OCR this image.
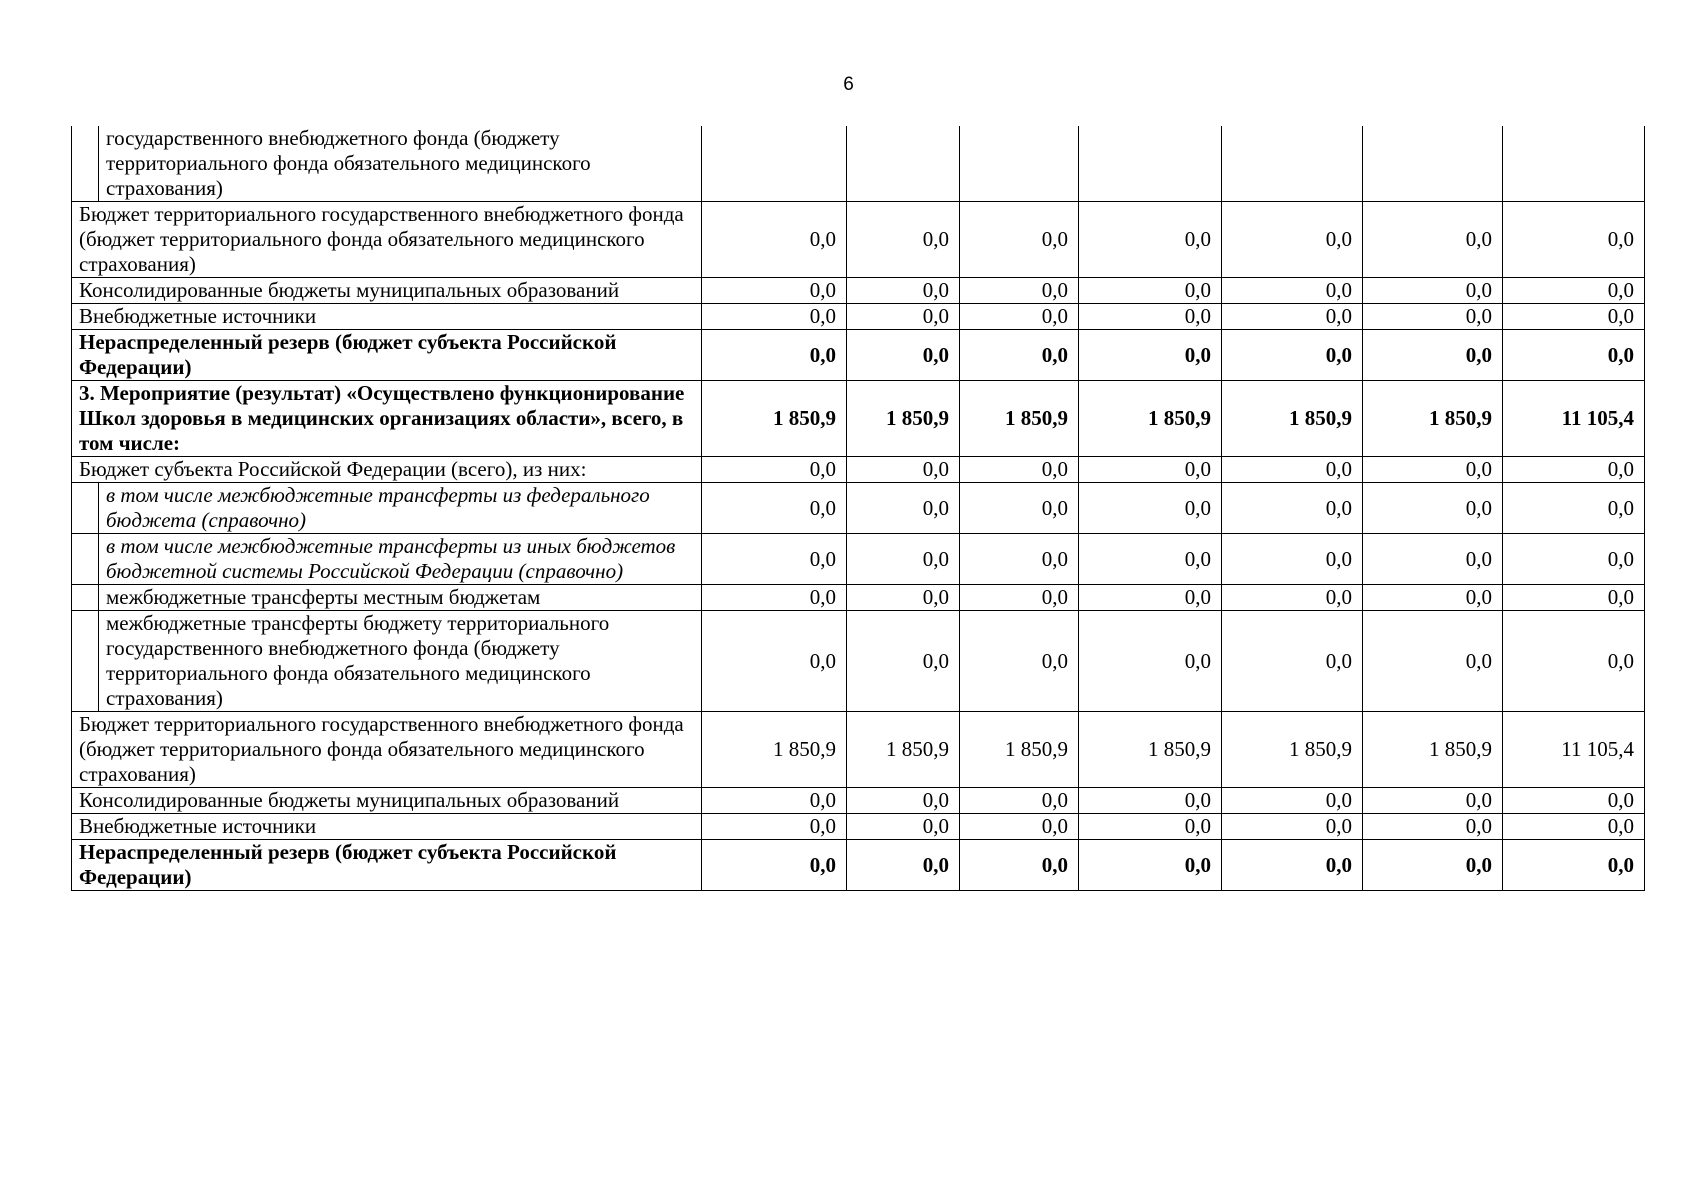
6
	государственного внебюджетного фонда (бюджету территориального фонда обязательного медицинского страхования)							
Бюджет территориального государственного внебюджетного фонда (бюджет территориального фонда обязательного медицинского страхования)		0,0	0,0	0,0	0,0	0,0	0,0	0,0
Консолидированные бюджеты муниципальных образований		0,0	0,0	0,0	0,0	0,0	0,0	0,0
Внебюджетные источники		0,0	0,0	0,0	0,0	0,0	0,0	0,0
Нераспределенный резерв (бюджет субъекта Российской Федерации)		0,0	0,0	0,0	0,0	0,0	0,0	0,0
3. Мероприятие (результат) «Осуществлено функционирование Школ здоровья в медицинских организациях области», всего, в том числе:		1 850,9	1 850,9	1 850,9	1 850,9	1 850,9	1 850,9	11 105,4
Бюджет субъекта Российской Федерации (всего), из них:		0,0	0,0	0,0	0,0	0,0	0,0	0,0
	в том числе межбюджетные трансферты из федерального бюджета (справочно)	0,0	0,0	0,0	0,0	0,0	0,0	0,0
	в том числе межбюджетные трансферты из иных бюджетов бюджетной системы Российской Федерации (справочно)	0,0	0,0	0,0	0,0	0,0	0,0	0,0
	межбюджетные трансферты местным бюджетам	0,0	0,0	0,0	0,0	0,0	0,0	0,0
	межбюджетные трансферты бюджету территориального государственного внебюджетного фонда (бюджету территориального фонда обязательного медицинского страхования)	0,0	0,0	0,0	0,0	0,0	0,0	0,0
Бюджет территориального государственного внебюджетного фонда (бюджет территориального фонда обязательного медицинского страхования)		1 850,9	1 850,9	1 850,9	1 850,9	1 850,9	1 850,9	11 105,4
Консолидированные бюджеты муниципальных образований		0,0	0,0	0,0	0,0	0,0	0,0	0,0
Внебюджетные источники		0,0	0,0	0,0	0,0	0,0	0,0	0,0
Нераспределенный резерв (бюджет субъекта Российской Федерации)		0,0	0,0	0,0	0,0	0,0	0,0	0,0
